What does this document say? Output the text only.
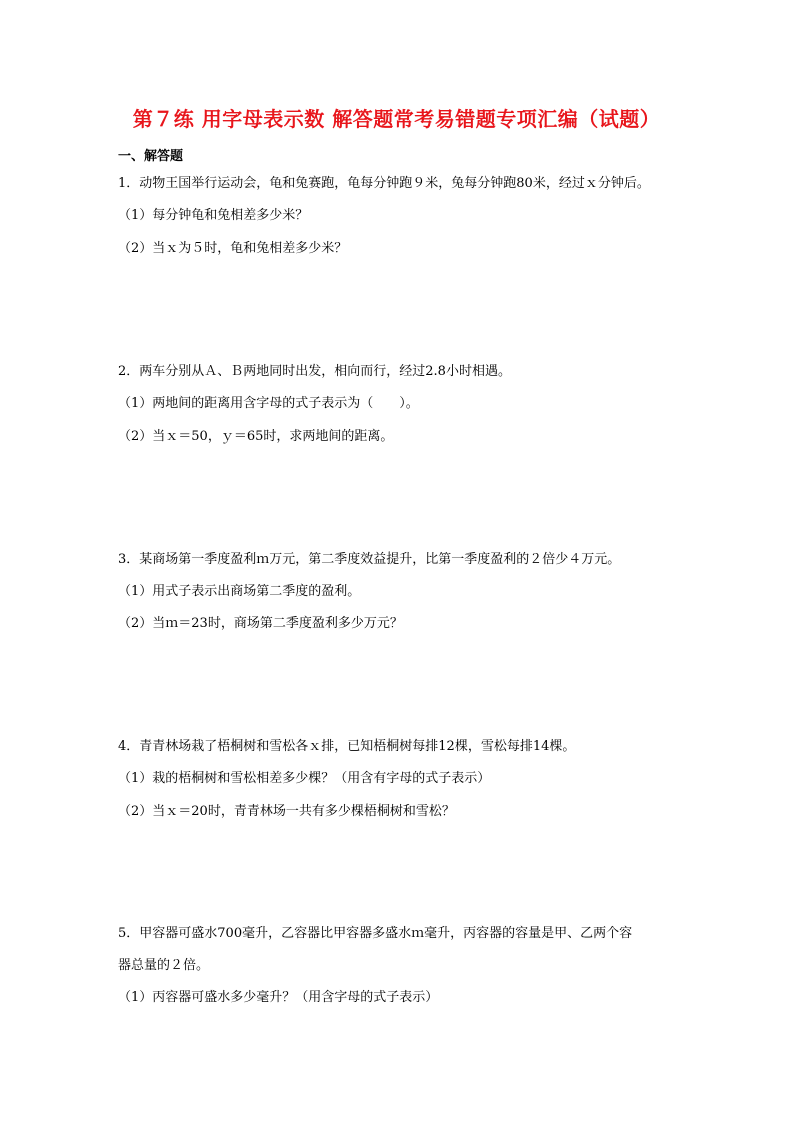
第７练 用字母表示数 解答题常考易错题专项汇编（试题）
一、解答题
1．动物王国举行运动会，龟和兔赛跑，龟每分钟跑９米，兔每分钟跑80米，经过ｘ分钟后。
（1）每分钟龟和兔相差多少米？
（2）当ｘ为５时，龟和兔相差多少米？
2．两车分别从Ａ、Ｂ两地同时出发，相向而行，经过2.8小时相遇。
（1）两地间的距离用含字母的式子表示为（　　）。
（2）当ｘ＝50，ｙ＝65时，求两地间的距离。
3．某商场第一季度盈利ｍ万元，第二季度效益提升，比第一季度盈利的２倍少４万元。
（1）用式子表示出商场第二季度的盈利。
（2）当ｍ＝23时，商场第二季度盈利多少万元？
4．青青林场栽了梧桐树和雪松各ｘ排，已知梧桐树每排12棵，雪松每排14棵。
（1）栽的梧桐树和雪松相差多少棵？（用含有字母的式子表示）
（2）当ｘ＝20时，青青林场一共有多少棵梧桐树和雪松？
5．甲容器可盛水700毫升，乙容器比甲容器多盛水ｍ毫升，丙容器的容量是甲、乙两个容
器总量的２倍。
（1）丙容器可盛水多少毫升？（用含字母的式子表示）
